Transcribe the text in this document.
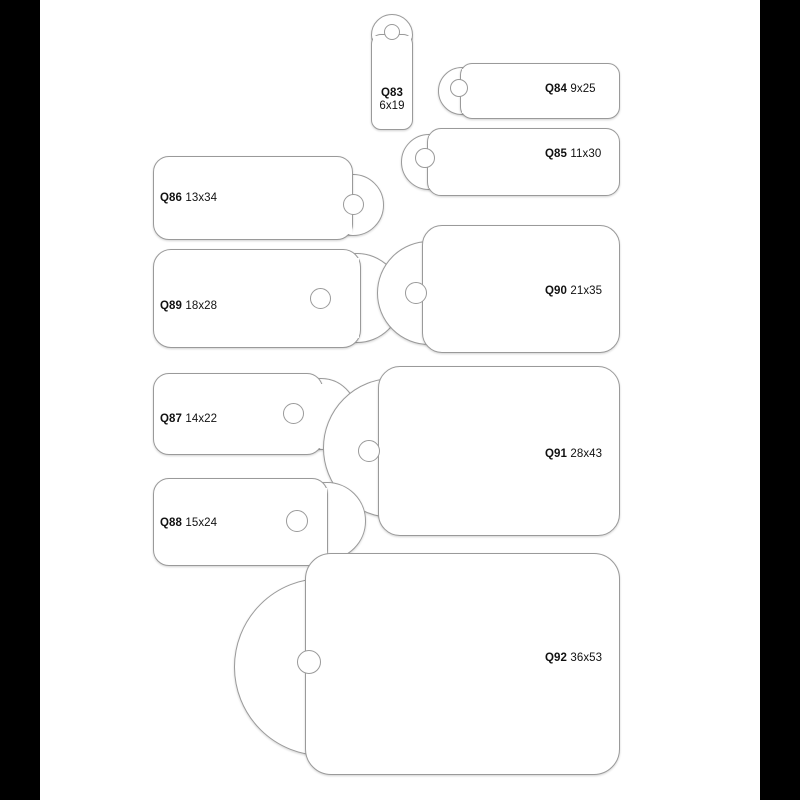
Q83
6x19
Q84 9x25
Q85 11x30
Q86 13x34
Q89 18x28
Q90 21x35
Q87 14x22
Q91 28x43
Q88 15x24
Q92 36x53
